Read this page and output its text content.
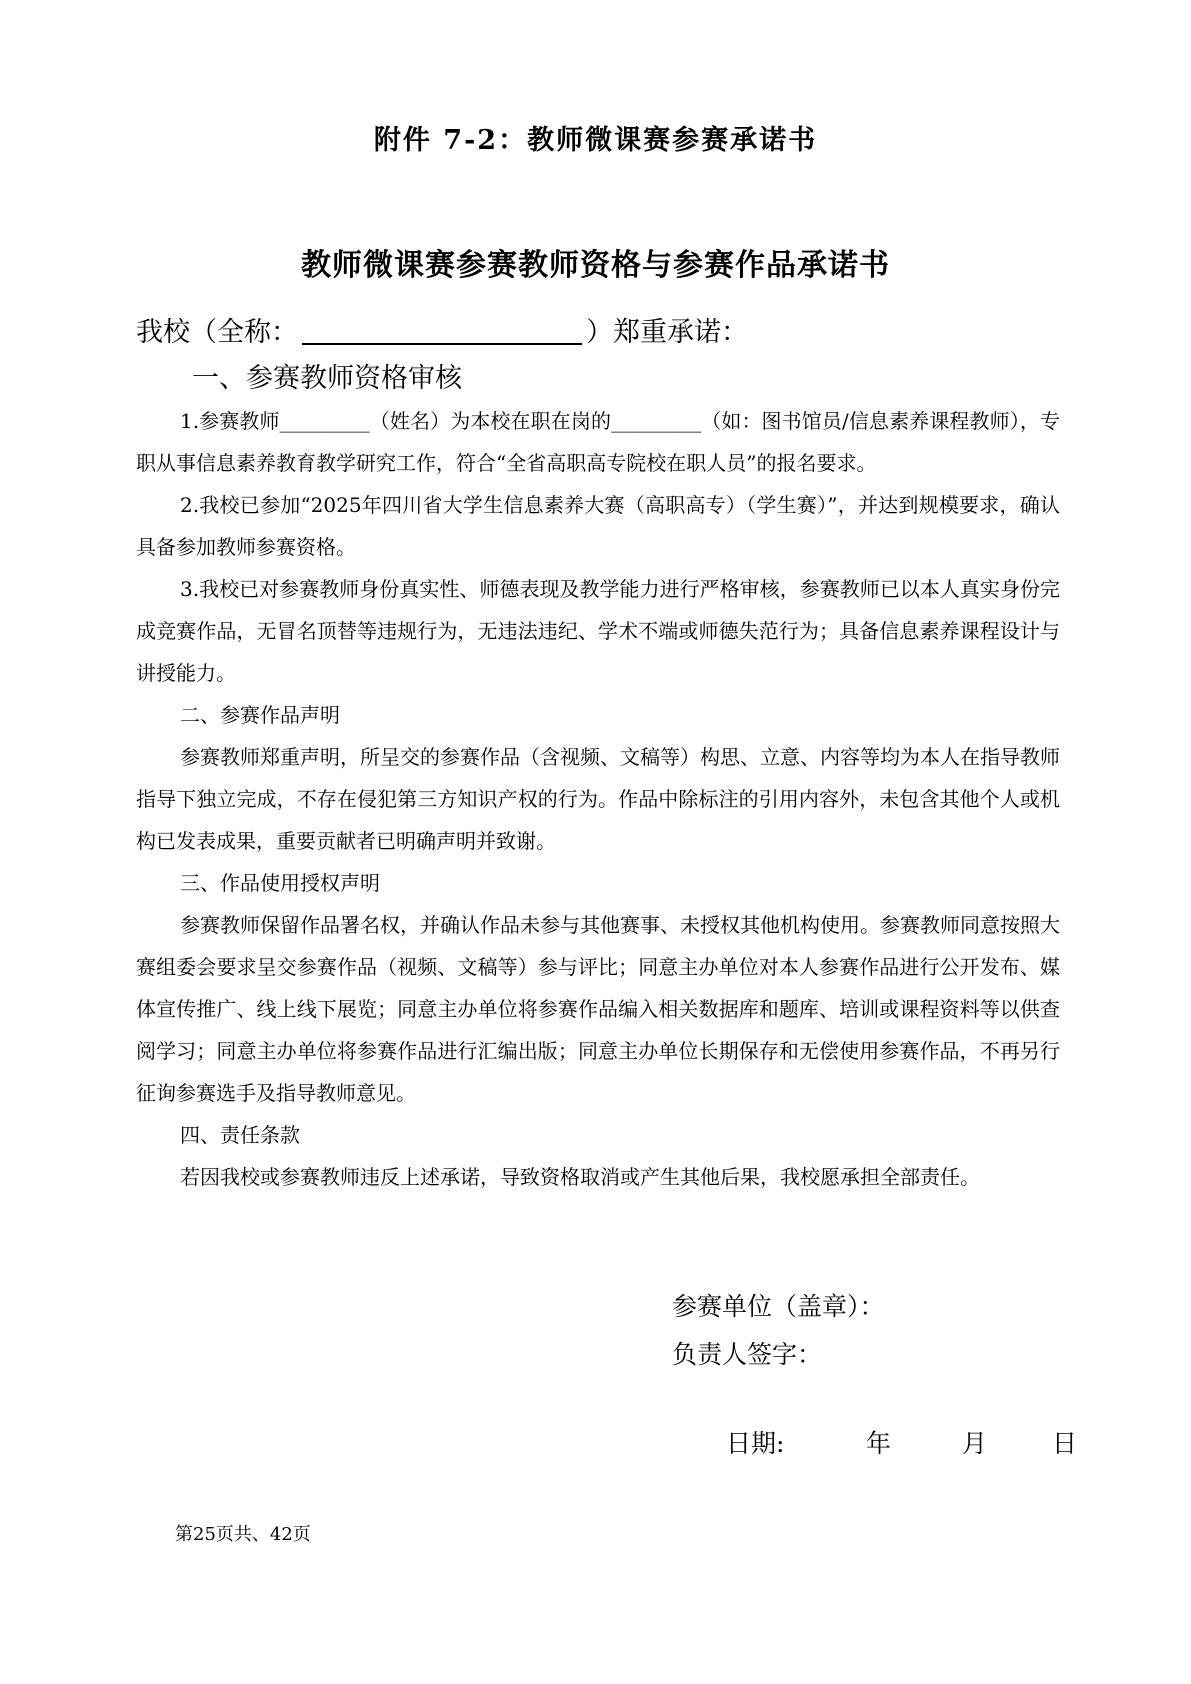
附件 7-2：教师微课赛参赛承诺书
教师微课赛参赛教师资格与参赛作品承诺书
我校（全称：	）郑重承诺：
一、参赛教师资格审核

1.参赛教师_________（姓名）为本校在职在岗的_________（如：图书馆员/信息素养课程教师），专职从事信息素养教育教学研究工作，符合“全省高职高专院校在职人员”的报名要求。

2.我校已参加“2025年四川省大学生信息素养大赛（高职高专）（学生赛）”，并达到规模要求，确认具备参加教师参赛资格。

3.我校已对参赛教师身份真实性、师德表现及教学能力进行严格审核，参赛教师已以本人真实身份完成竞赛作品，无冒名顶替等违规行为，无违法违纪、学术不端或师德失范行为；具备信息素养课程设计与讲授能力。

二、参赛作品声明

参赛教师郑重声明，所呈交的参赛作品（含视频、文稿等）构思、立意、内容等均为本人在指导教师指导下独立完成，不存在侵犯第三方知识产权的行为。作品中除标注的引用内容外，未包含其他个人或机构已发表成果，重要贡献者已明确声明并致谢。

三、作品使用授权声明

参赛教师保留作品署名权，并确认作品未参与其他赛事、未授权其他机构使用。参赛教师同意按照大赛组委会要求呈交参赛作品（视频、文稿等）参与评比；同意主办单位对本人参赛作品进行公开发布、媒体宣传推广、线上线下展览；同意主办单位将参赛作品编入相关数据库和题库、培训或课程资料等以供查阅学习；同意主办单位将参赛作品进行汇编出版；同意主办单位长期保存和无偿使用参赛作品，不再另行征询参赛选手及指导教师意见。

四、责任条款

若因我校或参赛教师违反上述承诺，导致资格取消或产生其他后果，我校愿承担全部责任。

参赛单位（盖章）：
负责人签字：
日期:	年	月	日
第25页共、42页
